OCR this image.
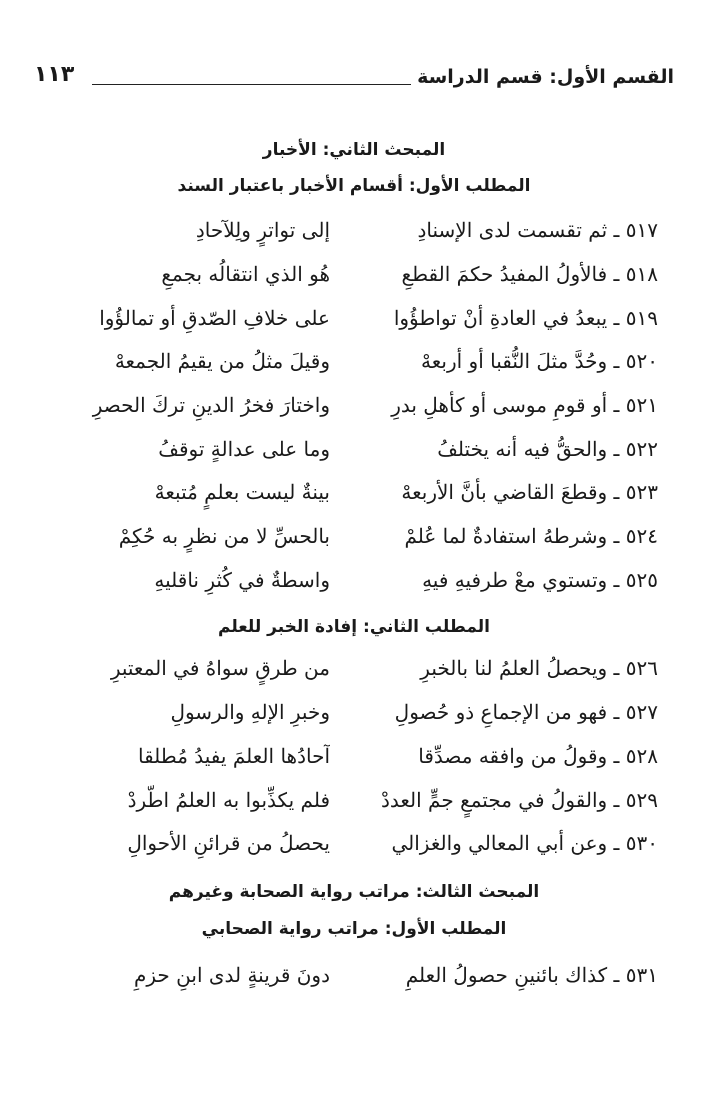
١١٣	القسم الأول: قسم الدراسة
المبحث الثاني: الأخبار
المطلب الأول: أقسام الأخبار باعتبار السند
٥١٧ ـ ثم تقسمت لدى الإسنادِ
إلى تواترٍ ولِلآحادِ
٥١٨ ـ فالأولُ المفيدُ حكمَ القطعِ
هُو الذي انتقالُه بجمعِ
٥١٩ ـ يبعدُ في العادةِ أنْ تواطؤُوا
على خلافِ الصّدقِ أو تمالؤُوا
٥٢٠ ـ وحُدَّ مثلَ النُّقبا أو أربعهْ
وقيلَ مثلُ من يقيمُ الجمعهْ
٥٢١ ـ أو قومِ موسى أو كأهلِ بدرِ
واختارَ فخرُ الدينِ تركَ الحصرِ
٥٢٢ ـ والحقُّ فيه أنه يختلفُ
وما على عدالةٍ توقفُ
٥٢٣ ـ وقطعَ القاضي بأنَّ الأربعهْ
بينةٌ ليست بعلمٍ مُتبعهْ
٥٢٤ ـ وشرطهُ استفادةٌ لما عُلمْ
بالحسِّ لا من نظرٍ به حُكِمْ
٥٢٥ ـ وتستوي معْ طرفيهِ فيهِ
واسطةٌ في كُثرِ ناقليهِ
المطلب الثاني: إفادة الخبر للعلم
٥٢٦ ـ ويحصلُ العلمُ لنا بالخبرِ
من طرقٍ سواهُ في المعتبرِ
٥٢٧ ـ فهو من الإجماعِ ذو حُصولِ
وخبرِ الإلهِ والرسولِ
٥٢٨ ـ وقولُ من وافقه مصدِّقا
آحادُها العلمَ يفيدُ مُطلقا
٥٢٩ ـ والقولُ في مجتمعٍ جمٍّ العددْ
فلم يكذِّبوا به العلمُ اطّردْ
٥٣٠ ـ وعن أبي المعالي والغزالي
يحصلُ من قرائنِ الأحوالِ
المبحث الثالث: مراتب رواية الصحابة وغيرهم
المطلب الأول: مراتب رواية الصحابي
٥٣١ ـ كذاك بائنينِ حصولُ العلمِ
دونَ قرينةٍ لدى ابنِ حزمِ
